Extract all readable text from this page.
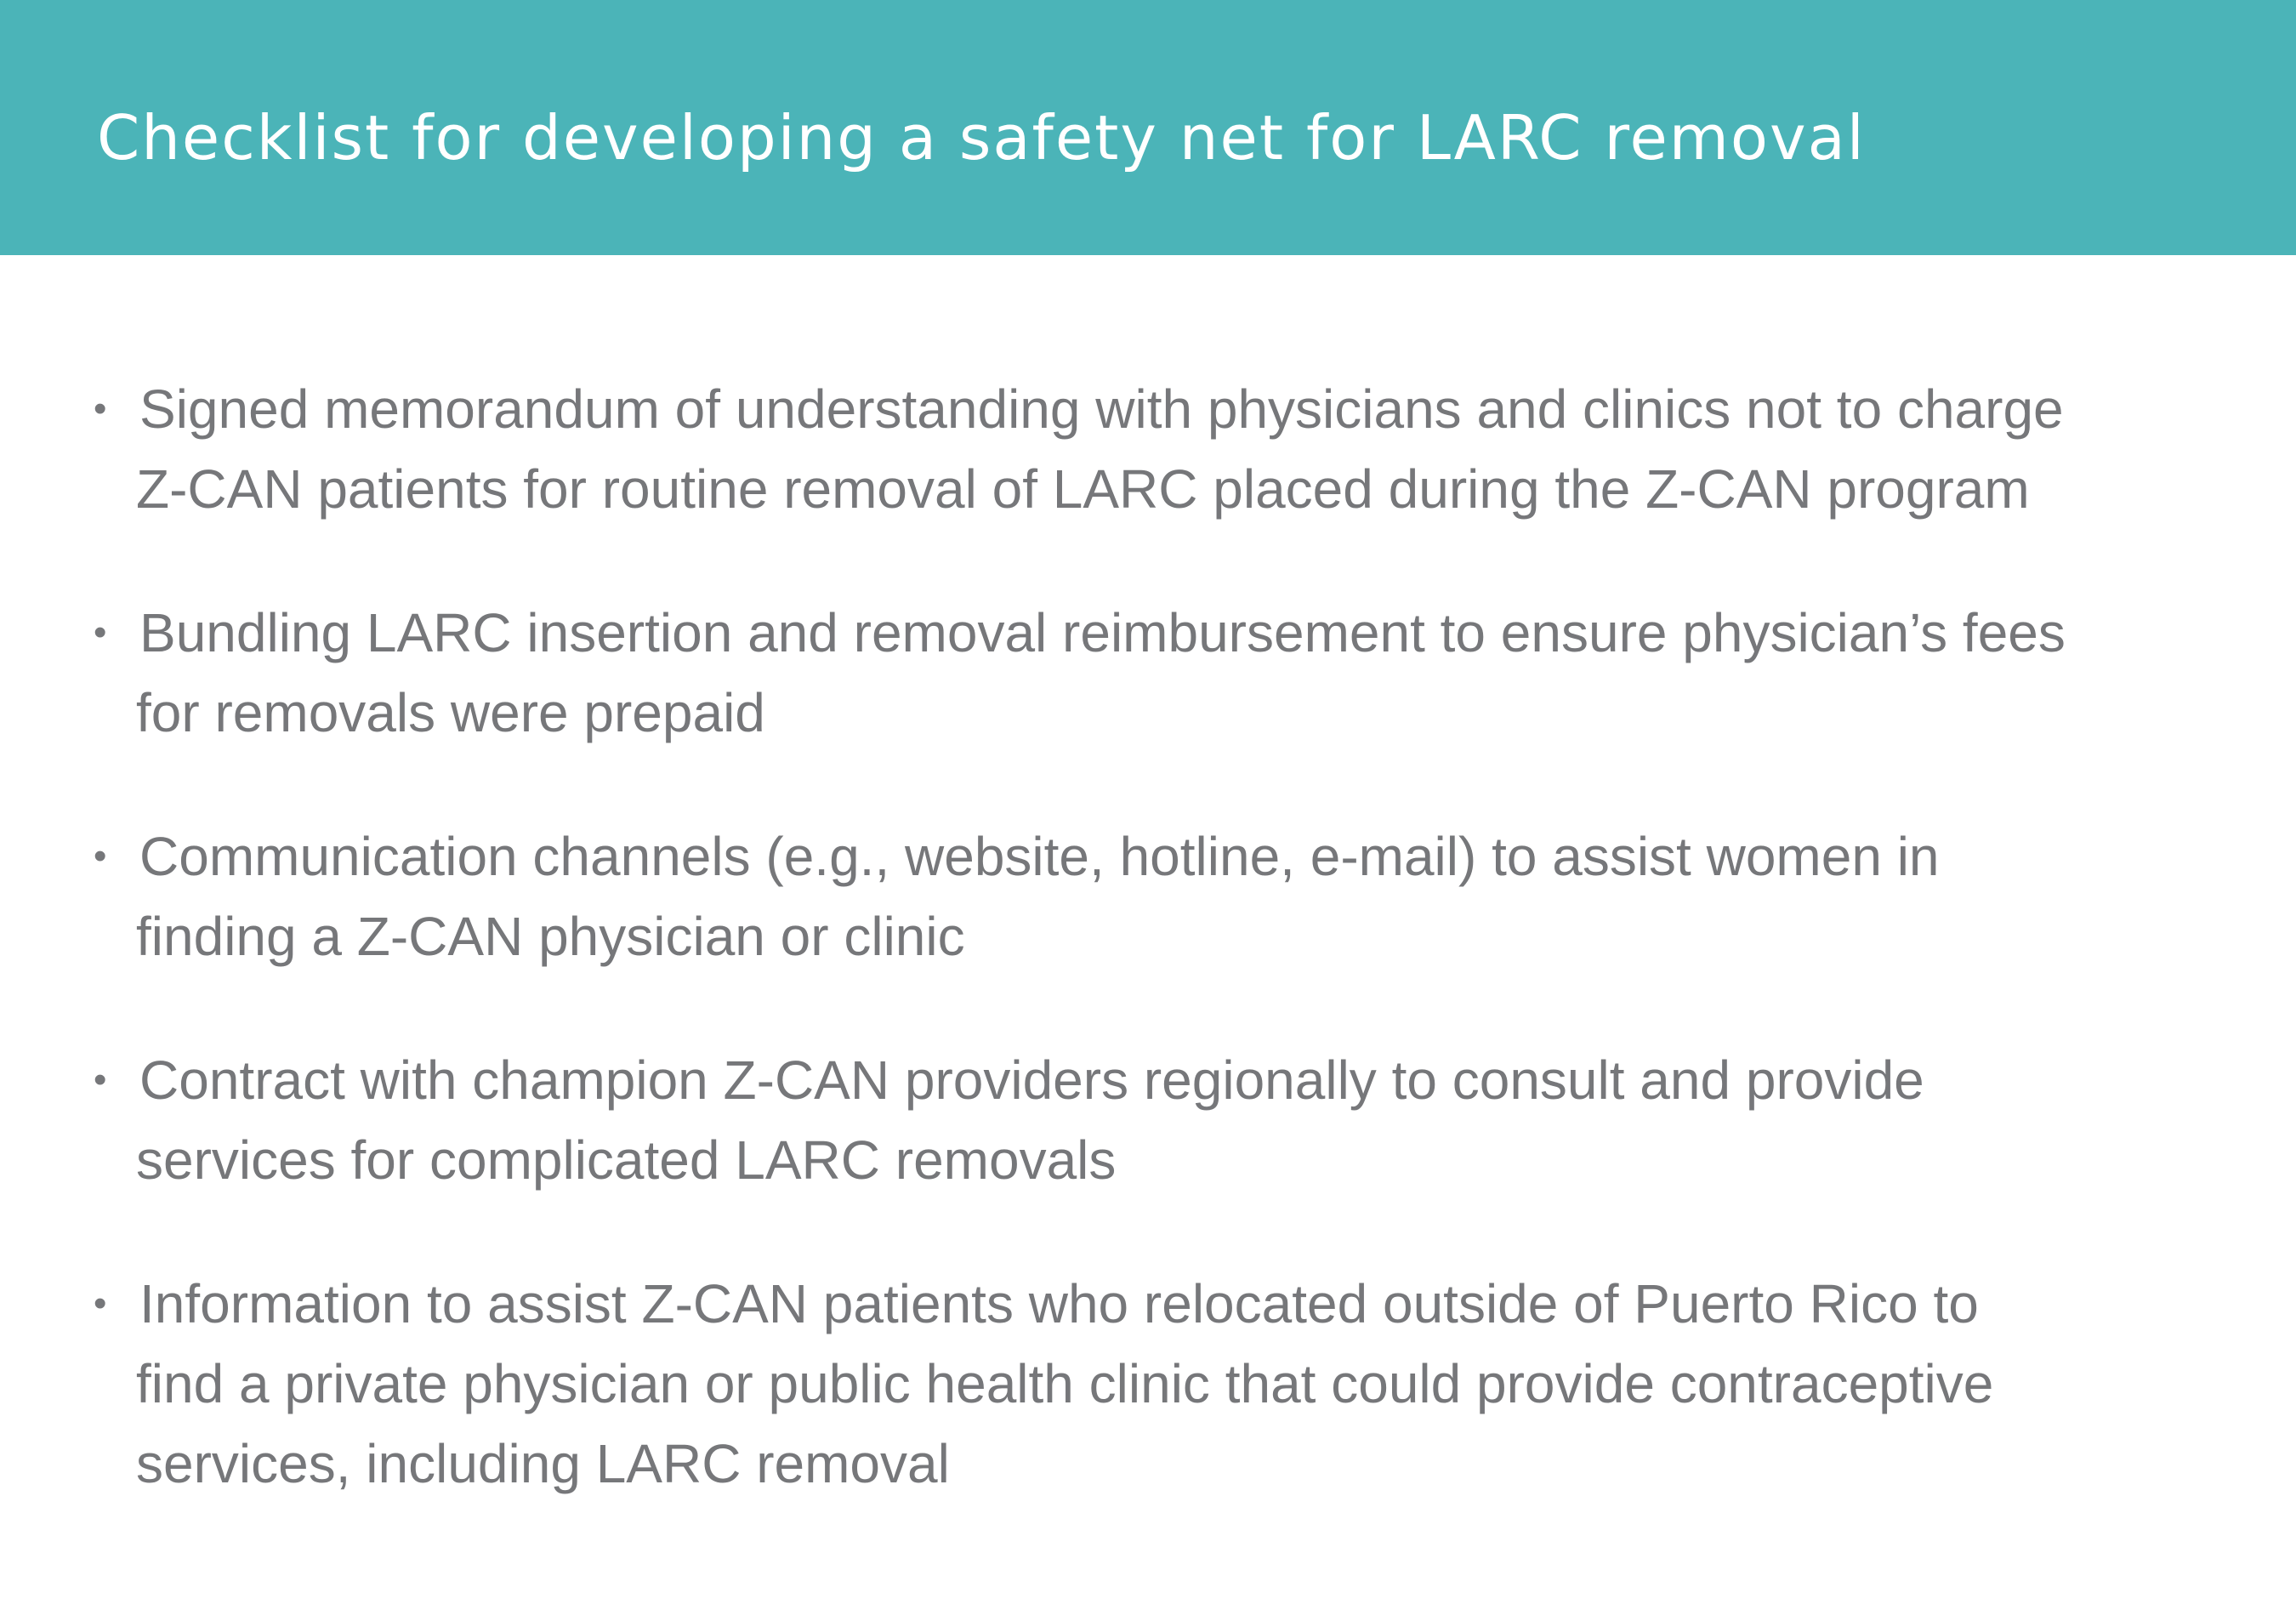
Checklist for developing a safety net for LARC removal
• Signed memorandum of understanding with physicians and clinics not to charge
Z-CAN patients for routine removal of LARC placed during the Z-CAN program
• Bundling LARC insertion and removal reimbursement to ensure physician’s fees
for removals were prepaid
• Communication channels (e.g., website, hotline, e-mail) to assist women in
finding a Z-CAN physician or clinic
• Contract with champion Z-CAN providers regionally to consult and provide
services for complicated LARC removals
• Information to assist Z-CAN patients who relocated outside of Puerto Rico to
find a private physician or public health clinic that could provide contraceptive
services, including LARC removal
